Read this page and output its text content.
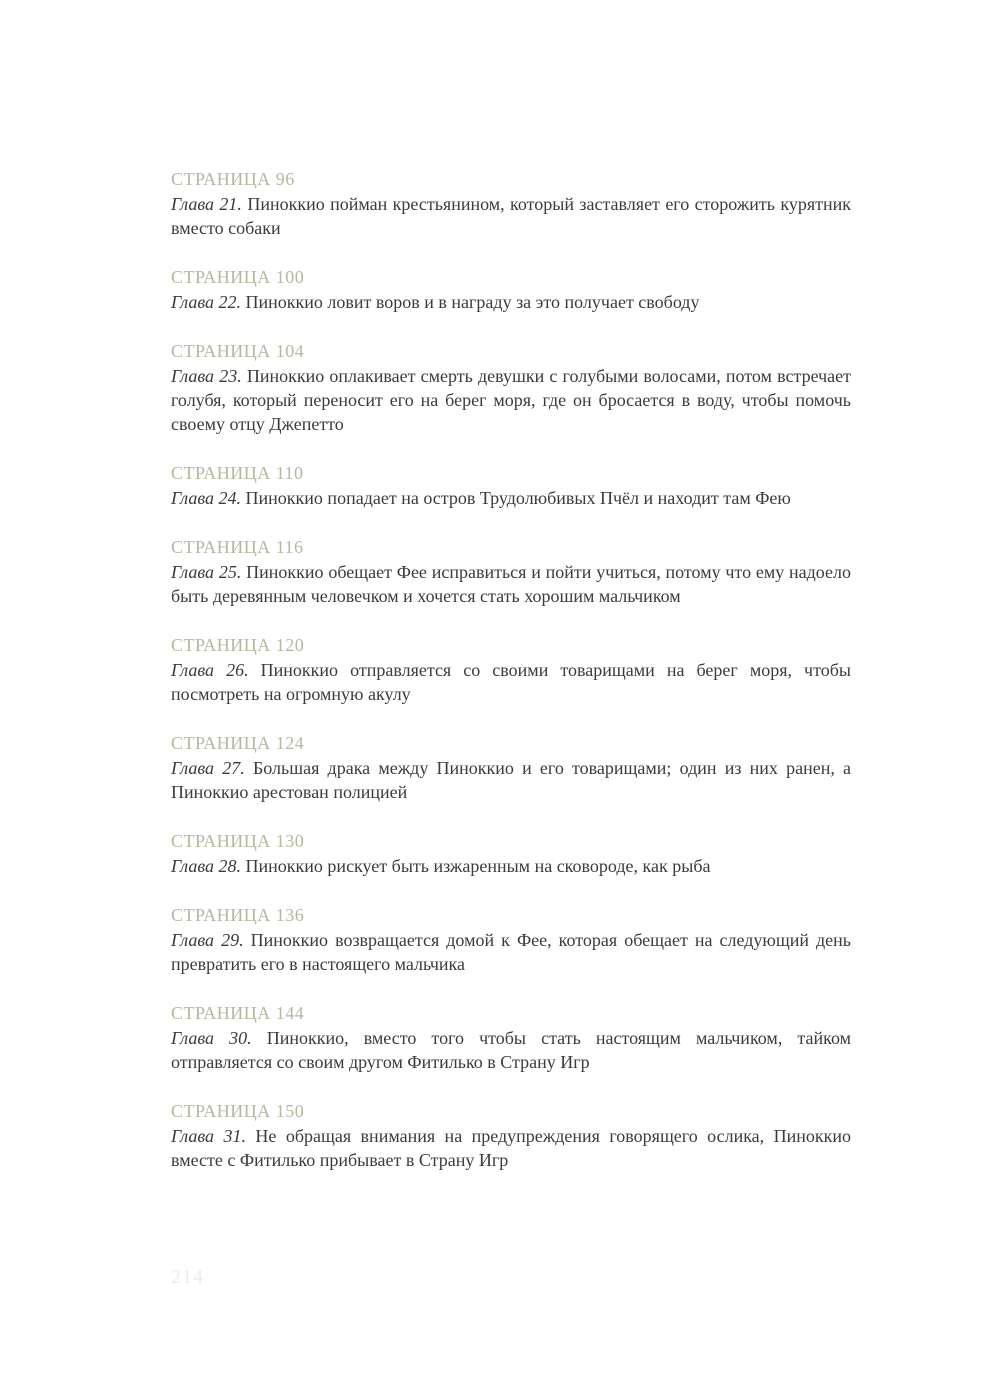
СТРАНИЦА 96
Глава 21. Пиноккио пойман крестьянином, который заставляет его сторожить курятник вместо собаки
СТРАНИЦА 100
Глава 22. Пиноккио ловит воров и в награду за это получает свободу
СТРАНИЦА 104
Глава 23. Пиноккио оплакивает смерть девушки с голубыми волосами, потом встречает голубя, который переносит его на берег моря, где он бросается в воду, чтобы помочь своему отцу Джепетто
СТРАНИЦА 110
Глава 24. Пиноккио попадает на остров Трудолюбивых Пчёл и находит там Фею
СТРАНИЦА 116
Глава 25. Пиноккио обещает Фее исправиться и пойти учиться, потому что ему надоело быть деревянным человечком и хочется стать хорошим мальчиком
СТРАНИЦА 120
Глава 26. Пиноккио отправляется со своими товарищами на берег моря, чтобы посмотреть на огромную акулу
СТРАНИЦА 124
Глава 27. Большая драка между Пиноккио и его товарищами; один из них ранен, а Пиноккио арестован полицией
СТРАНИЦА 130
Глава 28. Пиноккио рискует быть изжаренным на сковороде, как рыба
СТРАНИЦА 136
Глава 29. Пиноккио возвращается домой к Фее, которая обещает на следующий день превратить его в настоящего мальчика
СТРАНИЦА 144
Глава 30. Пиноккио, вместо того чтобы стать настоящим мальчиком, тайком отправляется со своим другом Фитилько в Страну Игр
СТРАНИЦА 150
Глава 31. Не обращая внимания на предупреждения говорящего ослика, Пиноккио вместе с Фитилько прибывает в Страну Игр
214
